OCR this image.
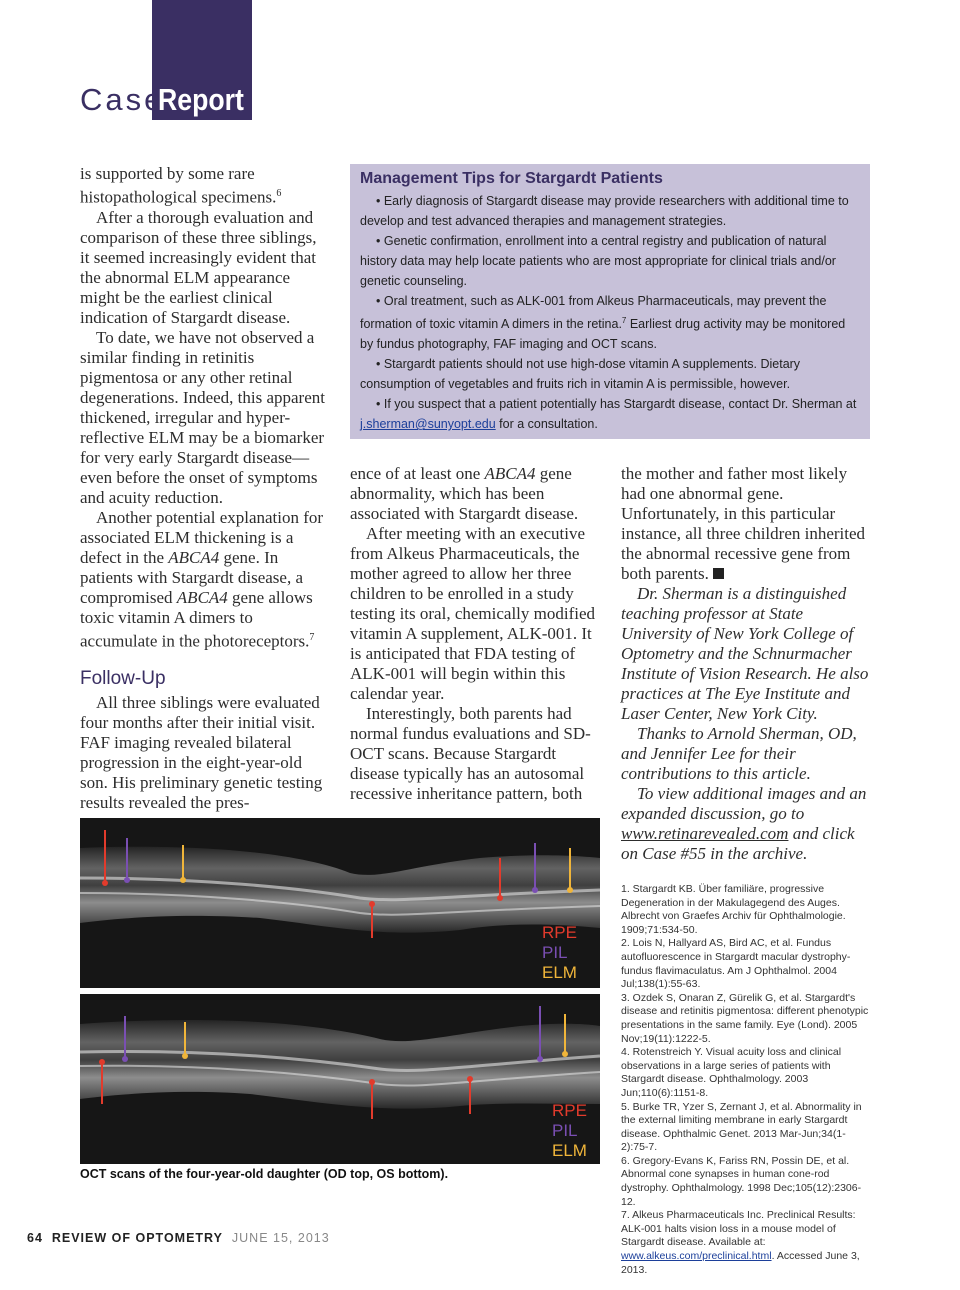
Case
Report

is supported by some rare histopathological specimens.$^6$

After a thorough evaluation and comparison of these three siblings, it seemed increasingly evident that the abnormal ELM appearance might be the earliest clinical indication of Stargardt disease.

To date, we have not observed a similar finding in retinitis pigmentosa or any other retinal degenerations. Indeed, this apparent thickened, irregular and hyper-reflective ELM may be a biomarker for very early Stargardt disease—even before the onset of symptoms and acuity reduction.

Another potential explanation for associated ELM thickening is a defect in the ABCA4 gene. In patients with Stargardt disease, a compromised ABCA4 gene allows toxic vitamin A dimers to accumulate in the photoreceptors.$^7$

Follow-Up

All three siblings were evaluated four months after their initial visit. FAF imaging revealed bilateral progression in the eight-year-old son. His preliminary genetic testing results revealed the pres-

Management Tips for Stargardt Patients

• Early diagnosis of Stargardt disease may provide researchers with additional time to develop and test advanced therapies and management strategies.

• Genetic confirmation, enrollment into a central registry and publication of natural history data may help locate patients who are most appropriate for clinical trials and/or genetic counseling.

• Oral treatment, such as ALK-001 from Alkeus Pharmaceuticals, may prevent the formation of toxic vitamin A dimers in the retina.$^7$ Earliest drug activity may be monitored by fundus photography, FAF imaging and OCT scans.

• Stargardt patients should not use high-dose vitamin A supplements. Dietary consumption of vegetables and fruits rich in vitamin A is permissible, however.

• If you suspect that a patient potentially has Stargardt disease, contact Dr. Sherman at j.sherman@sunyopt.edu for a consultation.

ence of at least one ABCA4 gene abnormality, which has been associated with Stargardt disease.

After meeting with an executive from Alkeus Pharmaceuticals, the mother agreed to allow her three children to be enrolled in a study testing its oral, chemically modified vitamin A supplement, ALK-001. It is anticipated that FDA testing of ALK-001 will begin within this calendar year.

Interestingly, both parents had normal fundus evaluations and SD-OCT scans. Because Stargardt disease typically has an autosomal recessive inheritance pattern, both

the mother and father most likely had one abnormal gene. Unfortunately, in this particular instance, all three children inherited the abnormal recessive gene from both parents.

Dr. Sherman is a distinguished teaching professor at State University of New York College of Optometry and the Schnurmacher Institute of Vision Research. He also practices at The Eye Institute and Laser Center, New York City.

Thanks to Arnold Sherman, OD, and Jennifer Lee for their contributions to this article.

To view additional images and an expanded discussion, go to www.retinarevealed.com and click on Case #55 in the archive.

RPE
PIL
ELM
RPE
PIL
ELM
OCT scans of the four-year-old daughter (OD top, OS bottom).
1. Stargardt KB. Über familiäre, progressive Degeneration in der Makulagegend des Auges. Albrecht von Graefes Archiv für Ophthalmologie. 1909;71:534-50.
2. Lois N, Hallyard AS, Bird AC, et al. Fundus autofluorescence in Stargardt macular dystrophy-fundus flavimaculatus. Am J Ophthalmol. 2004 Jul;138(1):55-63.
3. Ozdek S, Onaran Z, Gürelik G, et al. Stargardt's disease and retinitis pigmentosa: different phenotypic presentations in the same family. Eye (Lond). 2005 Nov;19(11):1222-5.
4. Rotenstreich Y. Visual acuity loss and clinical observations in a large series of patients with Stargardt disease. Ophthalmology. 2003 Jun;110(6):1151-8.
5. Burke TR, Yzer S, Zernant J, et al. Abnormality in the external limiting membrane in early Stargardt disease. Ophthalmic Genet. 2013 Mar-Jun;34(1-2):75-7.
6. Gregory-Evans K, Fariss RN, Possin DE, et al. Abnormal cone synapses in human cone-rod dystrophy. Ophthalmology. 1998 Dec;105(12):2306-12.
7. Alkeus Pharmaceuticals Inc. Preclinical Results: ALK-001 halts vision loss in a mouse model of Stargardt disease. Available at: www.alkeus.com/preclinical.html. Accessed June 3, 2013.
64 REVIEW OF OPTOMETRY JUNE 15, 2013
